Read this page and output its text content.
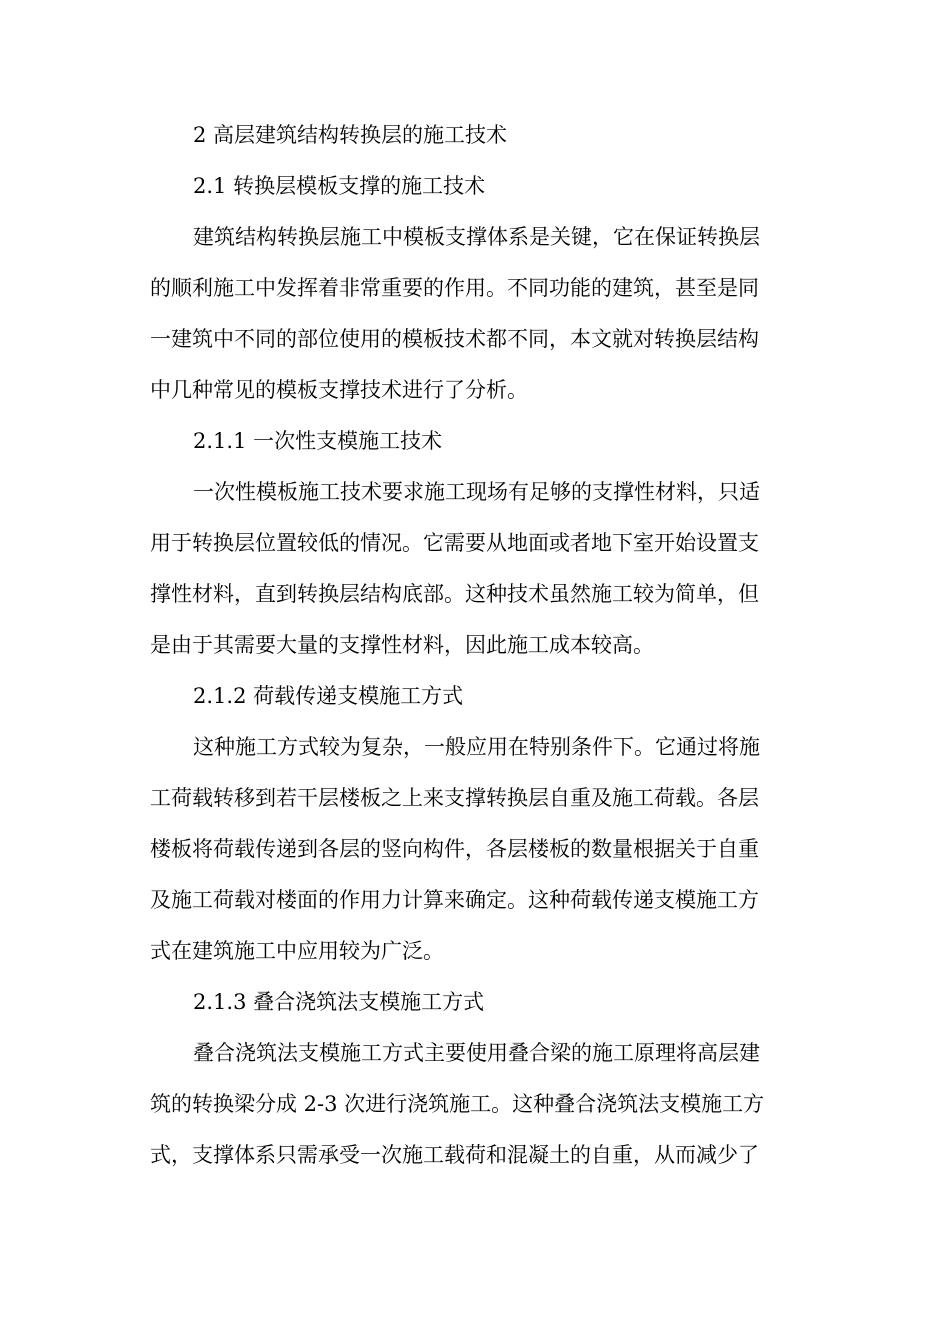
2 高层建筑结构转换层的施工技术

2.1 转换层模板支撑的施工技术

建筑结构转换层施工中模板支撑体系是关键，它在保证转换层
的顺利施工中发挥着非常重要的作用。不同功能的建筑，甚至是同
一建筑中不同的部位使用的模板技术都不同，本文就对转换层结构
中几种常见的模板支撑技术进行了分析。

2.1.1 一次性支模施工技术

一次性模板施工技术要求施工现场有足够的支撑性材料，只适
用于转换层位置较低的情况。它需要从地面或者地下室开始设置支
撑性材料，直到转换层结构底部。这种技术虽然施工较为简单，但
是由于其需要大量的支撑性材料，因此施工成本较高。

2.1.2 荷载传递支模施工方式

这种施工方式较为复杂，一般应用在特别条件下。它通过将施
工荷载转移到若干层楼板之上来支撑转换层自重及施工荷载。各层
楼板将荷载传递到各层的竖向构件，各层楼板的数量根据关于自重
及施工荷载对楼面的作用力计算来确定。这种荷载传递支模施工方
式在建筑施工中应用较为广泛。

2.1.3 叠合浇筑法支模施工方式

叠合浇筑法支模施工方式主要使用叠合梁的施工原理将高层建
筑的转换梁分成 2-3 次进行浇筑施工。这种叠合浇筑法支模施工方
式，支撑体系只需承受一次施工载荷和混凝土的自重，从而减少了
